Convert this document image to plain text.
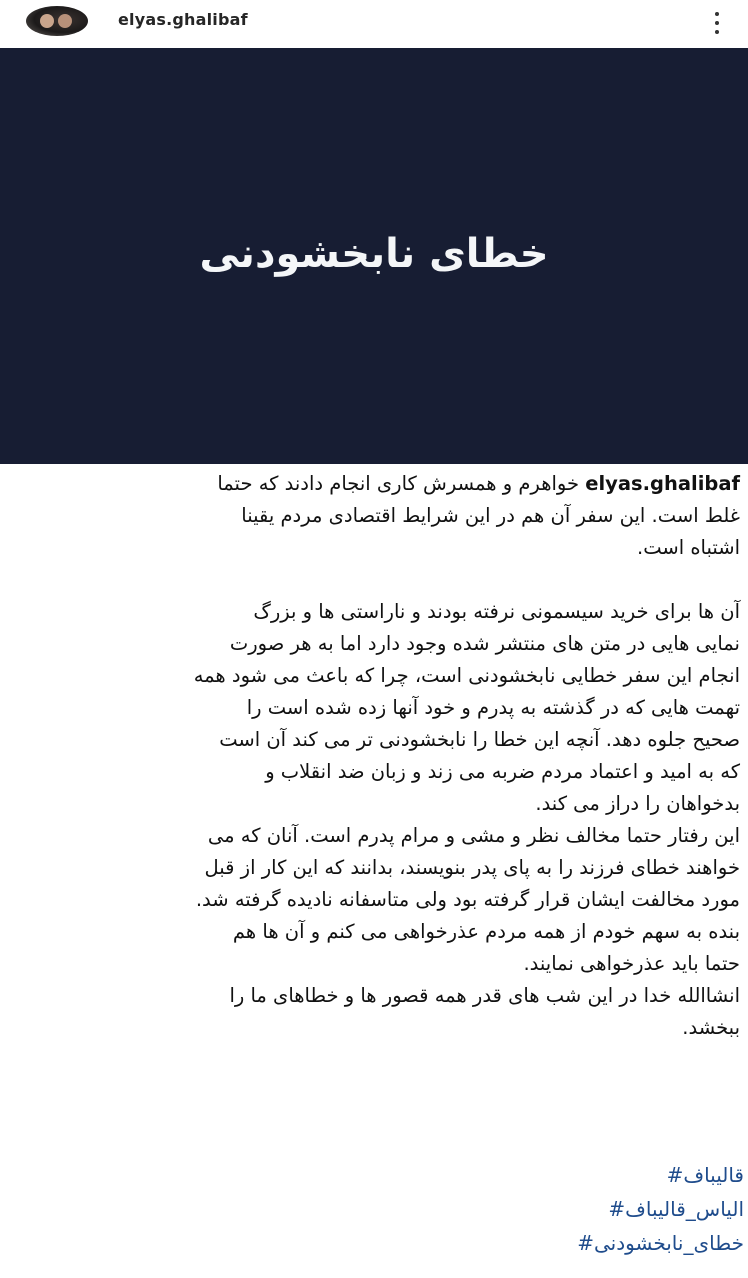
elyas.ghalibaf
خطای نابخشودنی
elyas.ghalibaf خواهرم و همسرش کاری انجام دادند که حتما
غلط است. این سفر آن هم در این شرایط اقتصادی مردم یقینا
اشتباه است.
آن ها برای خرید سیسمونی نرفته بودند و ناراستی ها و بزرگ
نمایی هایی در متن های منتشر شده وجود دارد اما به هر صورت
انجام این سفر خطایی نابخشودنی است، چرا که باعث می شود همه
تهمت هایی که در گذشته به پدرم و خود آنها زده شده است را
صحیح جلوه دهد. آنچه این خطا را نابخشودنی تر می کند آن است
که به امید و اعتماد مردم ضربه می زند و زبان ضد انقلاب و
بدخواهان را دراز می کند.
این رفتار حتما مخالف نظر و مشی و مرام پدرم است. آنان که می
خواهند خطای فرزند را به پای پدر بنویسند، بدانند که این کار از قبل
مورد مخالفت ایشان قرار گرفته بود ولی متاسفانه نادیده گرفته شد.
بنده به سهم خودم از همه مردم عذرخواهی می کنم و آن ها هم
حتما باید عذرخواهی نمایند.
انشاالله خدا در این شب های قدر همه قصور ها و خطاهای ما را
ببخشد.
#قالیباف
#الیاس_قالیباف
#خطای_نابخشودنی
